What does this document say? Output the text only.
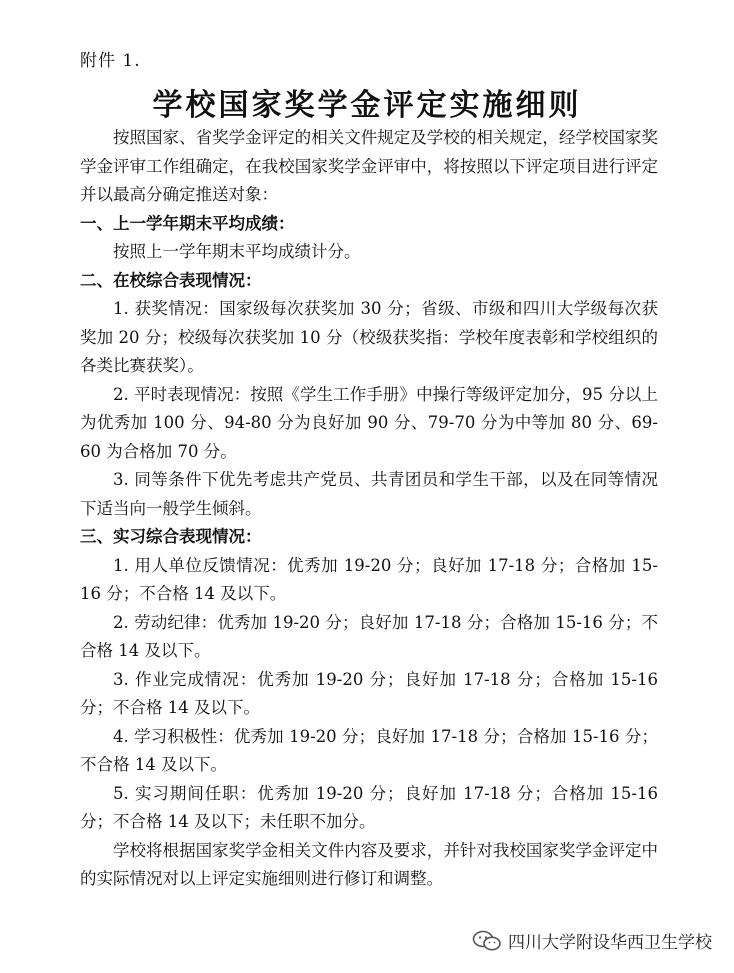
附件 1.
学校国家奖学金评定实施细则

按照国家、省奖学金评定的相关文件规定及学校的相关规定，经学校国家奖学金评审工作组确定，在我校国家奖学金评审中，将按照以下评定项目进行评定并以最高分确定推送对象：

一、上一学年期末平均成绩：

按照上一学年期末平均成绩计分。

二、在校综合表现情况：

1. 获奖情况：国家级每次获奖加 30 分；省级、市级和四川大学级每次获奖加 20 分；校级每次获奖加 10 分（校级获奖指：学校年度表彰和学校组织的各类比赛获奖）。

2. 平时表现情况：按照《学生工作手册》中操行等级评定加分，95 分以上为优秀加 100 分、94-80 分为良好加 90 分、79-70 分为中等加 80 分、69-60 为合格加 70 分。

3. 同等条件下优先考虑共产党员、共青团员和学生干部，以及在同等情况下适当向一般学生倾斜。

三、实习综合表现情况：

1. 用人单位反馈情况：优秀加 19-20 分；良好加 17-18 分；合格加 15-16 分；不合格 14 及以下。

2. 劳动纪律：优秀加 19-20 分；良好加 17-18 分；合格加 15-16 分；不合格 14 及以下。

3. 作业完成情况：优秀加 19-20 分；良好加 17-18 分；合格加 15-16 分；不合格 14 及以下。

4. 学习积极性：优秀加 19-20 分；良好加 17-18 分；合格加 15-16 分；不合格 14 及以下。

5. 实习期间任职：优秀加 19-20 分；良好加 17-18 分；合格加 15-16 分；不合格 14 及以下；未任职不加分。

学校将根据国家奖学金相关文件内容及要求，并针对我校国家奖学金评定中的实际情况对以上评定实施细则进行修订和调整。

四川大学附设华西卫生学校
